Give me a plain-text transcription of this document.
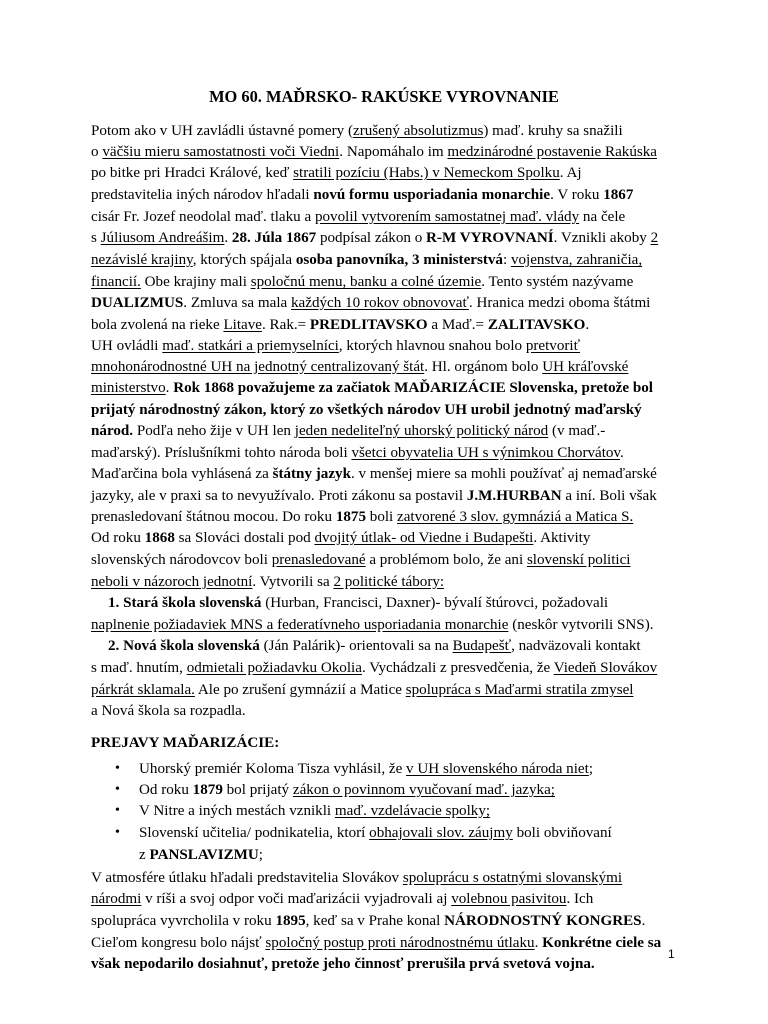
MO 60. MAĎRSKO- RAKÚSKE VYROVNANIE
Potom ako v UH zavládli ústavné pomery (zrušený absolutizmus) maď. kruhy sa snažili
o väčšiu mieru samostatnosti voči Viedni. Napomáhalo im medzinárodné postavenie Rakúska
po bitke pri Hradci Králové, keď stratili pozíciu (Habs.) v Nemeckom Spolku. Aj
predstavitelia iných národov hľadali novú formu usporiadania monarchie. V roku 1867
cisár Fr. Jozef neodolal maď. tlaku a povolil vytvorením samostatnej maď. vlády na čele
s Júliusom Andreášim. 28. Júla 1867 podpísal zákon o R-M VYROVNANÍ. Vznikli akoby 2
nezávislé krajiny, ktorých spájala osoba panovníka, 3 ministerstvá: vojenstva, zahraničia,
financií. Obe krajiny mali spoločnú menu, banku a colné územie. Tento systém nazývame
DUALIZMUS. Zmluva sa mala každých 10 rokov obnovovať. Hranica medzi oboma štátmi
bola zvolená na rieke Litave. Rak.= PREDLITAVSKO a Maď.= ZALITAVSKO.
UH ovládli maď. statkári a priemyselníci, ktorých hlavnou snahou bolo pretvoriť
mnohonárodnostné UH na jednotný centralizovaný štát. Hl. orgánom bolo UH kráľovské
ministerstvo. Rok 1868 považujeme za začiatok MAĎARIZÁCIE Slovenska, pretože bol
prijatý národnostný zákon, ktorý zo všetkých národov UH urobil jednotný maďarský
národ. Podľa neho žije v UH len jeden nedeliteľný uhorský politický národ (v maď.-
maďarský). Príslušníkmi tohto národa boli všetci obyvatelia UH s výnimkou Chorvátov.
Maďarčina bola vyhlásená za štátny jazyk. v menšej miere sa mohli používať aj nemaďarské
jazyky, ale v praxi sa to nevyužívalo. Proti zákonu sa postavil J.M.HURBAN a iní. Boli však
prenasledovaní štátnou mocou. Do roku 1875 boli zatvorené 3 slov. gymnáziá a Matica S.
Od roku 1868 sa Slováci dostali pod dvojitý útlak- od Viedne i Budapešti. Aktivity
slovenských národovcov boli prenasledované a problémom bolo, že ani slovenskí politici
neboli v názoroch jednotní. Vytvorili sa 2 politické tábory:
1. Stará škola slovenská (Hurban, Francisci, Daxner)- bývalí štúrovci, požadovali
naplnenie požiadaviek MNS a federatívneho usporiadania monarchie (neskôr vytvorili SNS).
2. Nová škola slovenská (Ján Palárik)- orientovali sa na Budapešť, nadväzovali kontakt
s maď. hnutím, odmietali požiadavku Okolia. Vychádzali z presvedčenia, že Viedeň Slovákov
párkrát sklamala. Ale po zrušení gymnázií a Matice spolupráca s Maďarmi stratila zmysel
a Nová škola sa rozpadla.
PREJAVY MAĎARIZÁCIE:
Uhorský premiér Koloma Tisza vyhlásil, že v UH slovenského národa niet;
•
Od roku 1879 bol prijatý zákon o povinnom vyučovaní maď. jazyka;
•
V Nitre a iných mestách vznikli maď. vzdelávacie spolky;
•
Slovenskí učitelia/ podnikatelia, ktorí obhajovali slov. záujmy boli obviňovaní
•
z PANSLAVIZMU;
V atmosfére útlaku hľadali predstavitelia Slovákov spoluprácu s ostatnými slovanskými
národmi v ríši a svoj odpor voči maďarizácii vyjadrovali aj volebnou pasivitou. Ich
spolupráca vyvrcholila v roku 1895, keď sa v Prahe konal NÁRODNOSTNÝ KONGRES.
Cieľom kongresu bolo nájsť spoločný postup proti národnostnému útlaku. Konkrétne ciele sa
však nepodarilo dosiahnuť, pretože jeho činnosť prerušila prvá svetová vojna.
1
